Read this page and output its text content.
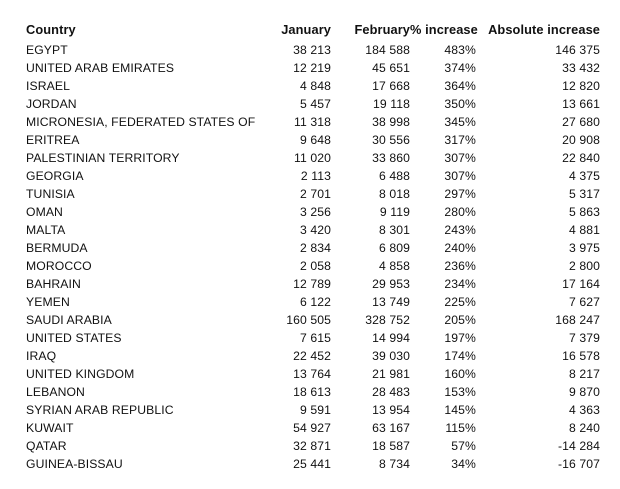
Country	January	February	% increase	Absolute increase
EGYPT	38 213	184 588	483%	146 375
UNITED ARAB EMIRATES	12 219	45 651	374%	33 432
ISRAEL	4 848	17 668	364%	12 820
JORDAN	5 457	19 118	350%	13 661
MICRONESIA, FEDERATED STATES OF	11 318	38 998	345%	27 680
ERITREA	9 648	30 556	317%	20 908
PALESTINIAN TERRITORY	11 020	33 860	307%	22 840
GEORGIA	2 113	6 488	307%	4 375
TUNISIA	2 701	8 018	297%	5 317
OMAN	3 256	9 119	280%	5 863
MALTA	3 420	8 301	243%	4 881
BERMUDA	2 834	6 809	240%	3 975
MOROCCO	2 058	4 858	236%	2 800
BAHRAIN	12 789	29 953	234%	17 164
YEMEN	6 122	13 749	225%	7 627
SAUDI ARABIA	160 505	328 752	205%	168 247
UNITED STATES	7 615	14 994	197%	7 379
IRAQ	22 452	39 030	174%	16 578
UNITED KINGDOM	13 764	21 981	160%	8 217
LEBANON	18 613	28 483	153%	9 870
SYRIAN ARAB REPUBLIC	9 591	13 954	145%	4 363
KUWAIT	54 927	63 167	115%	8 240
QATAR	32 871	18 587	57%	-14 284
GUINEA-BISSAU	25 441	8 734	34%	-16 707
